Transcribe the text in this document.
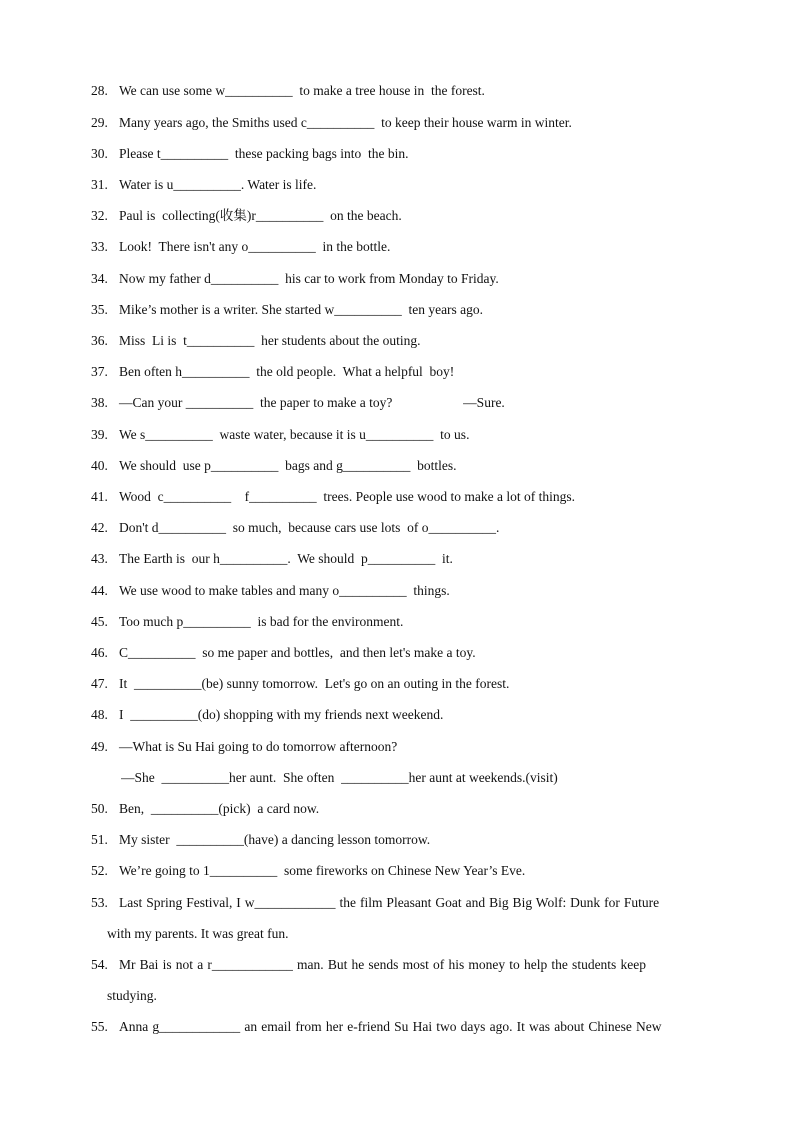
28. We can use some w__________  to make a tree house in  the forest.
29. Many years ago, the Smiths used c__________  to keep their house warm in winter.
30. Please t__________  these packing bags into  the bin.
31. Water is u__________. Water is life.
32. Paul is  collecting(收集)r__________  on the beach.
33. Look!  There isn't any o__________  in the bottle.
34. Now my father d__________  his car to work from Monday to Friday.
35. Mike’s mother is a writer. She started w__________  ten years ago.
36. Miss  Li is  t__________  her students about the outing.
37. Ben often h__________  the old people.  What a helpful  boy!
38. —Can your __________  the paper to make a toy?                     —Sure.
39. We s__________  waste water, because it is u__________  to us.
40. We should  use p__________  bags and g__________  bottles.
41. Wood  c__________    f__________  trees. People use wood to make a lot of things.
42. Don't d__________  so much,  because cars use lots  of o__________.
43. The Earth is  our h__________.  We should  p__________  it.
44. We use wood to make tables and many o__________  things.
45. Too much p__________  is bad for the environment.
46. C__________  so me paper and bottles,  and then let's make a toy.
47. It  __________(be) sunny tomorrow.  Let's go on an outing in the forest.
48. I  __________(do) shopping with my friends next weekend.
49. —What is Su Hai going to do tomorrow afternoon?
—She  __________her aunt.  She often  __________her aunt at weekends.(visit)
50. Ben,  __________(pick)  a card now.
51. My sister  __________(have) a dancing lesson tomorrow.
52. We’re going to 1__________  some fireworks on Chinese New Year’s Eve.
53. Last Spring Festival, I w____________ the film Pleasant Goat and Big Big Wolf: Dunk for Future
with my parents. It was great fun.
54. Mr Bai is not a r____________ man. But he sends most of his money to help the students keep
studying.
55. Anna g____________ an email from her e-friend Su Hai two days ago. It was about Chinese New
